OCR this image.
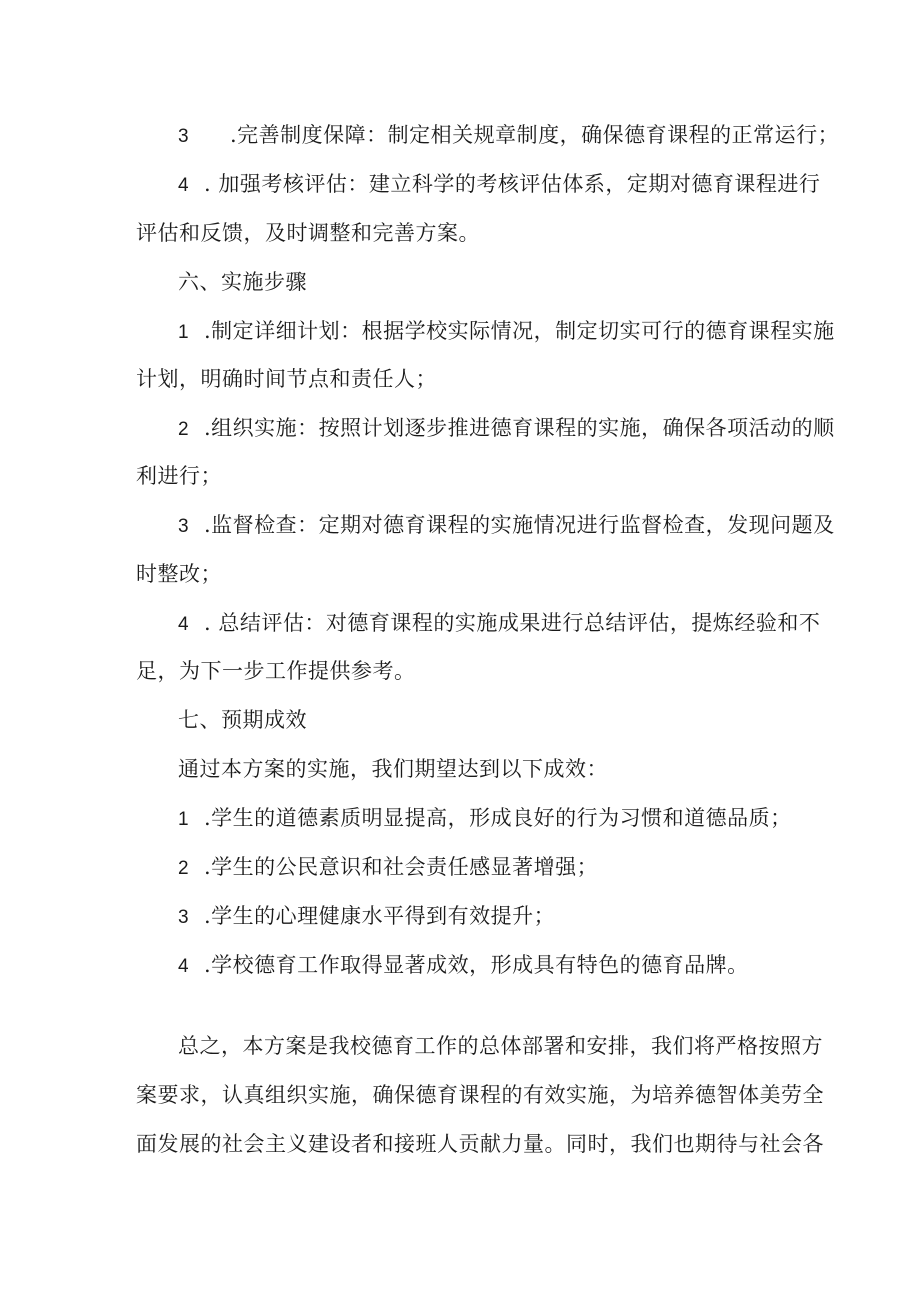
3 .完善制度保障：制定相关规章制度，确保德育课程的正常运行；
4 . 加强考核评估：建立科学的考核评估体系，定期对德育课程进行
评估和反馈，及时调整和完善方案。
六、实施步骤
1 .制定详细计划：根据学校实际情况，制定切实可行的德育课程实施
计划，明确时间节点和责任人；
2 .组织实施：按照计划逐步推进德育课程的实施，确保各项活动的顺
利进行；
3 .监督检查：定期对德育课程的实施情况进行监督检查，发现问题及
时整改；
4 . 总结评估：对德育课程的实施成果进行总结评估，提炼经验和不
足，为下一步工作提供参考。
七、预期成效
通过本方案的实施，我们期望达到以下成效：
1 .学生的道德素质明显提高，形成良好的行为习惯和道德品质；
2 .学生的公民意识和社会责任感显著增强；
3 .学生的心理健康水平得到有效提升；
4 .学校德育工作取得显著成效，形成具有特色的德育品牌。
总之，本方案是我校德育工作的总体部署和安排，我们将严格按照方
案要求，认真组织实施，确保德育课程的有效实施，为培养德智体美劳全
面发展的社会主义建设者和接班人贡献力量。同时，我们也期待与社会各
